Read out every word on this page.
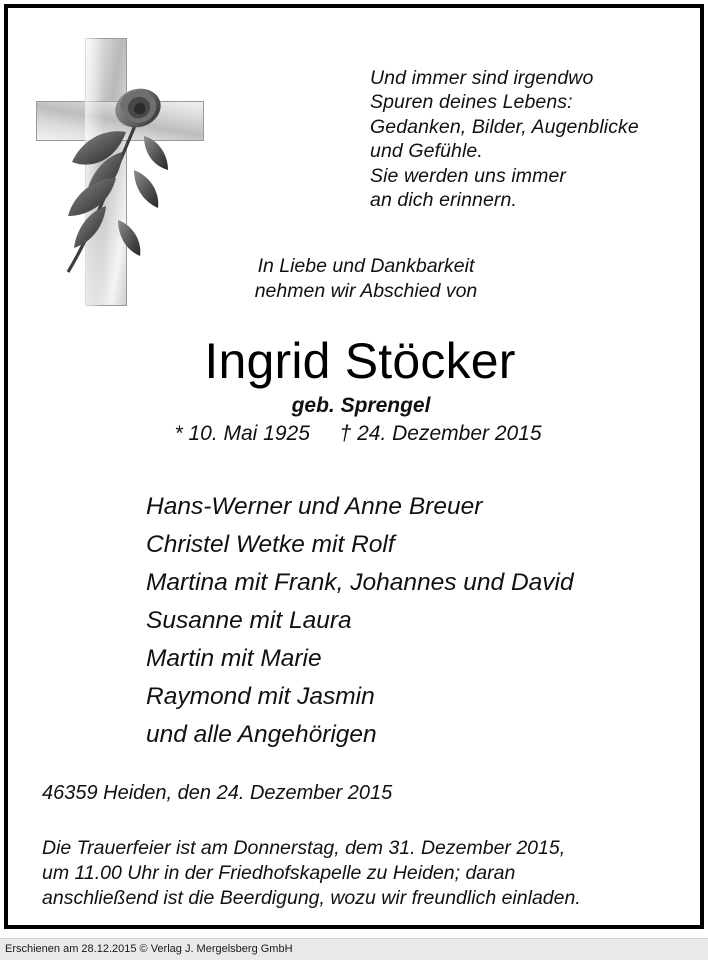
Und immer sind irgendwo
Spuren deines Lebens:
Gedanken, Bilder, Augenblicke
und Gefühle.
Sie werden uns immer
an dich erinnern.
In Liebe und Dankbarkeit
nehmen wir Abschied von
Ingrid Stöcker
geb. Sprengel
* 10. Mai 1925 † 24. Dezember 2015
Hans-Werner und Anne Breuer
Christel Wetke mit Rolf
Martina mit Frank, Johannes und David
Susanne mit Laura
Martin mit Marie
Raymond mit Jasmin
und alle Angehörigen
46359 Heiden, den 24. Dezember 2015
Die Trauerfeier ist am Donnerstag, dem 31. Dezember 2015,
um 11.00 Uhr in der Friedhofskapelle zu Heiden; daran
anschließend ist die Beerdigung, wozu wir freundlich einladen.
Erschienen am 28.12.2015 © Verlag J. Mergelsberg GmbH
